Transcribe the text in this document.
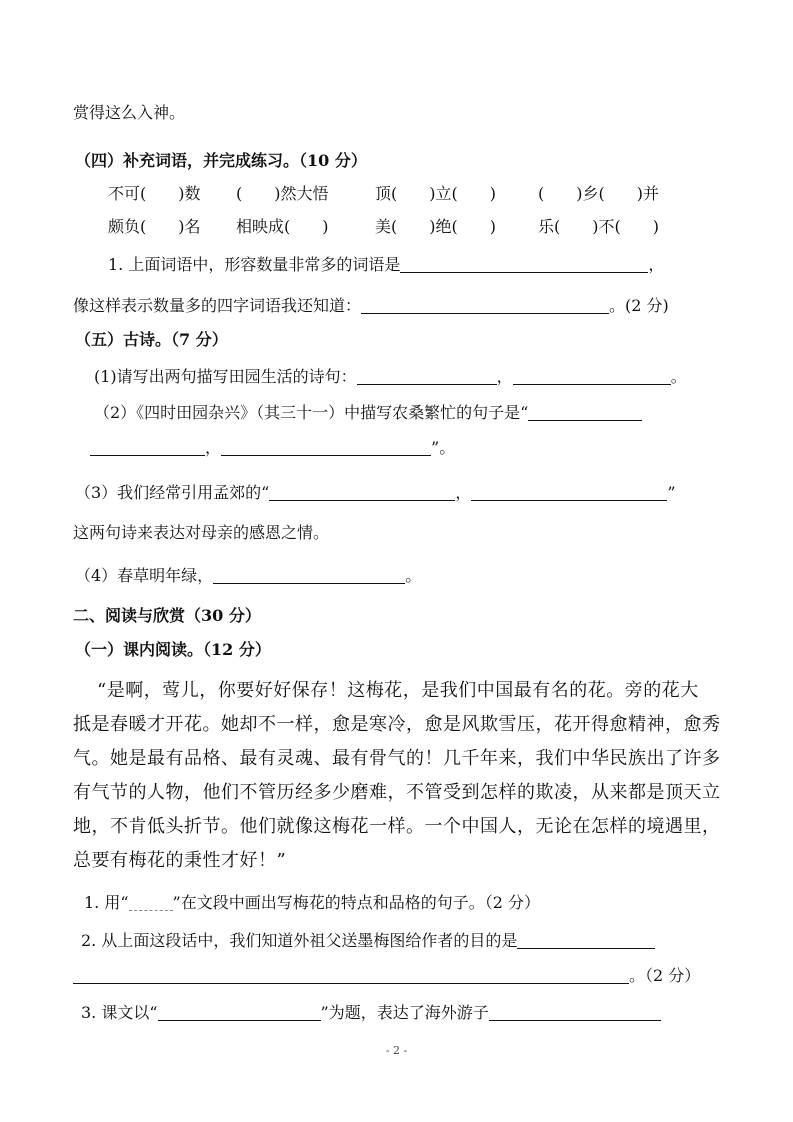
赏得这么入神。
（四）补充词语，并完成练习。（10 分）
不可(　　)数 (　　)然大悟	顶(　　)立(　　)	(　　)乡(　　)并
颇负(　　)名 相映成(　　)	美(　　)绝(　　)	乐(　　)不(　　)
1. 上面词语中，形容数量非常多的词语是	，
像这样表示数量多的四字词语我还知道：	。(2 分)
（五）古诗。（7 分）
(1)请写出两句描写田园生活的诗句：	，	。
（2）《四时田园杂兴》（其三十一）中描写农桑繁忙的句子是“
，	”。
（3）我们经常引用孟郊的“	，	”
这两句诗来表达对母亲的感恩之情。
（4）春草明年绿，	。
二、阅读与欣赏（30 分）
（一）课内阅读。（12 分）
“是啊，莺儿，你要好好保存！这梅花，是我们中国最有名的花。旁的花大
抵是春暖才开花。她却不一样，愈是寒冷，愈是风欺雪压，花开得愈精神，愈秀
气。她是最有品格、最有灵魂、最有骨气的！几千年来，我们中华民族出了许多
有气节的人物，他们不管历经多少磨难，不管受到怎样的欺凌，从来都是顶天立
地，不肯低头折节。他们就像这梅花一样。一个中国人，无论在怎样的境遇里，
总要有梅花的秉性才好！”
1. 用“	”在文段中画出写梅花的特点和品格的句子。（2 分）
2. 从上面这段话中，我们知道外祖父送墨梅图给作者的目的是
。（2 分）
3. 课文以“	”为题，表达了海外游子
- 2 -
